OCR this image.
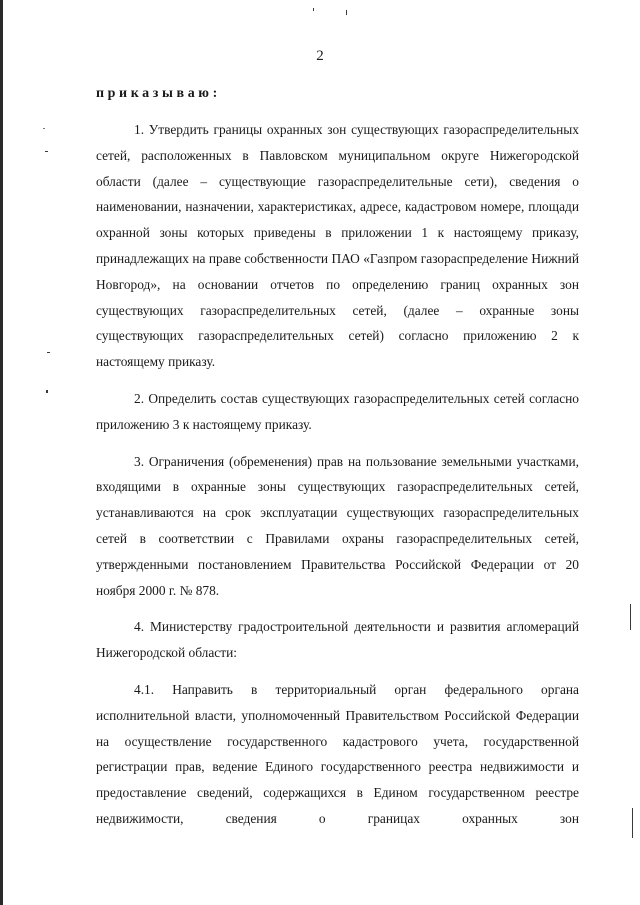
2
приказываю:

1. Утвердить границы охранных зон существующих газораспределительных сетей, расположенных в Павловском муниципальном округе Нижегородской области (далее – существующие газораспределительные сети), сведения о наименовании, назначении, характеристиках, адресе, кадастровом номере, площади охранной зоны которых приведены в приложении 1 к настоящему приказу, принадлежащих на праве собственности ПАО «Газпром газораспределение Нижний Новгород», на основании отчетов по определению границ охранных зон существующих газораспределительных сетей, (далее – охранные зоны существующих газораспределительных сетей) согласно приложению 2 к настоящему приказу.

2. Определить состав существующих газораспределительных сетей согласно приложению 3 к настоящему приказу.

3. Ограничения (обременения) прав на пользование земельными участками, входящими в охранные зоны существующих газораспределительных сетей, устанавливаются на срок эксплуатации существующих газораспределительных сетей в соответствии с Правилами охраны газораспределительных сетей, утвержденными постановлением Правительства Российской Федерации от 20 ноября 2000 г. № 878.

4. Министерству градостроительной деятельности и развития агломераций Нижегородской области:

4.1. Направить в территориальный орган федерального органа исполнительной власти, уполномоченный Правительством Российской Федерации на осуществление государственного кадастрового учета, государственной регистрации прав, ведение Единого государственного реестра недвижимости и предоставление сведений, содержащихся в Едином государственном реестре недвижимости, сведения о границах охранных зон
